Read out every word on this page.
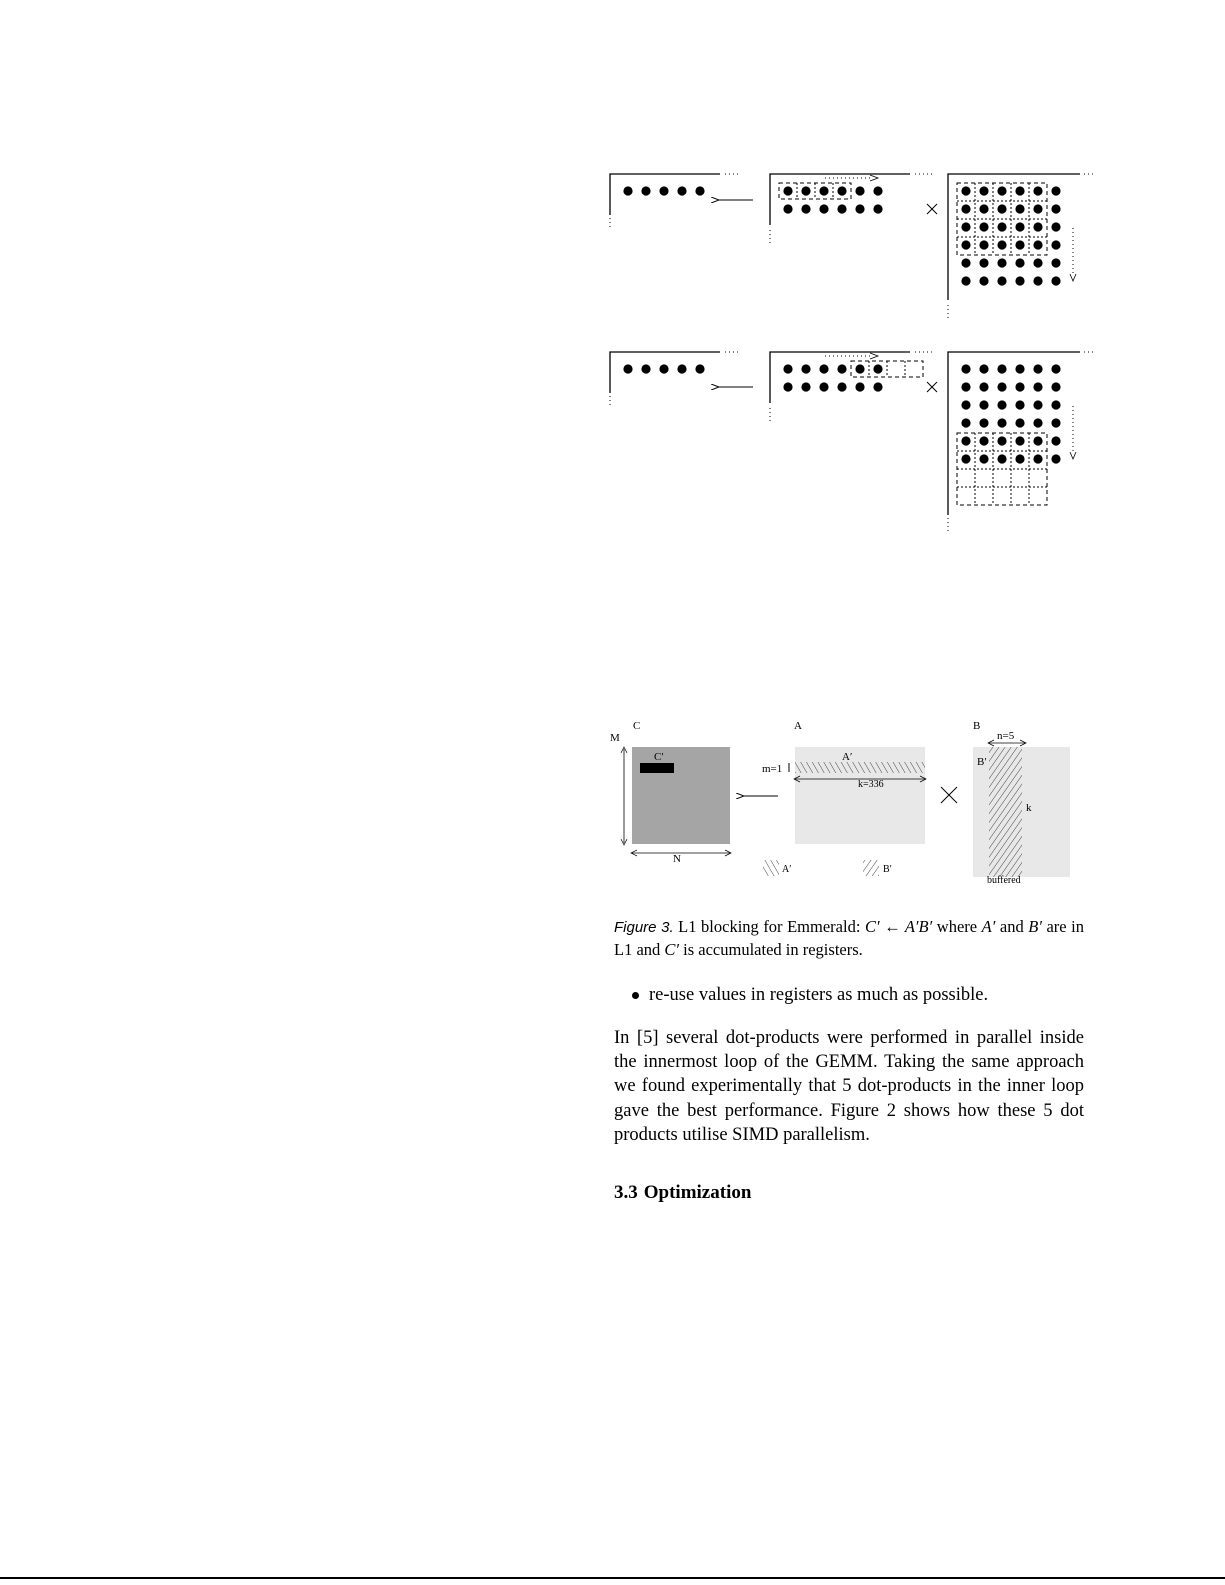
C
M
C′
N
A
A′
m=1
k=336
B
n=5
B′
k
buffered
A′	B′
Figure 3. L1 blocking for Emmerald: C′ ← A′B′ where A′ and B′ are in L1 and C′ is accumulated in registers.
re-use values in registers as much as possible.
In [5] several dot-products were performed in parallel inside the innermost loop of the GEMM. Taking the same approach we found experimentally that 5 dot-products in the inner loop gave the best performance. Figure 2 shows how these 5 dot products utilise SIMD parallelism.
3.3 Optimization
